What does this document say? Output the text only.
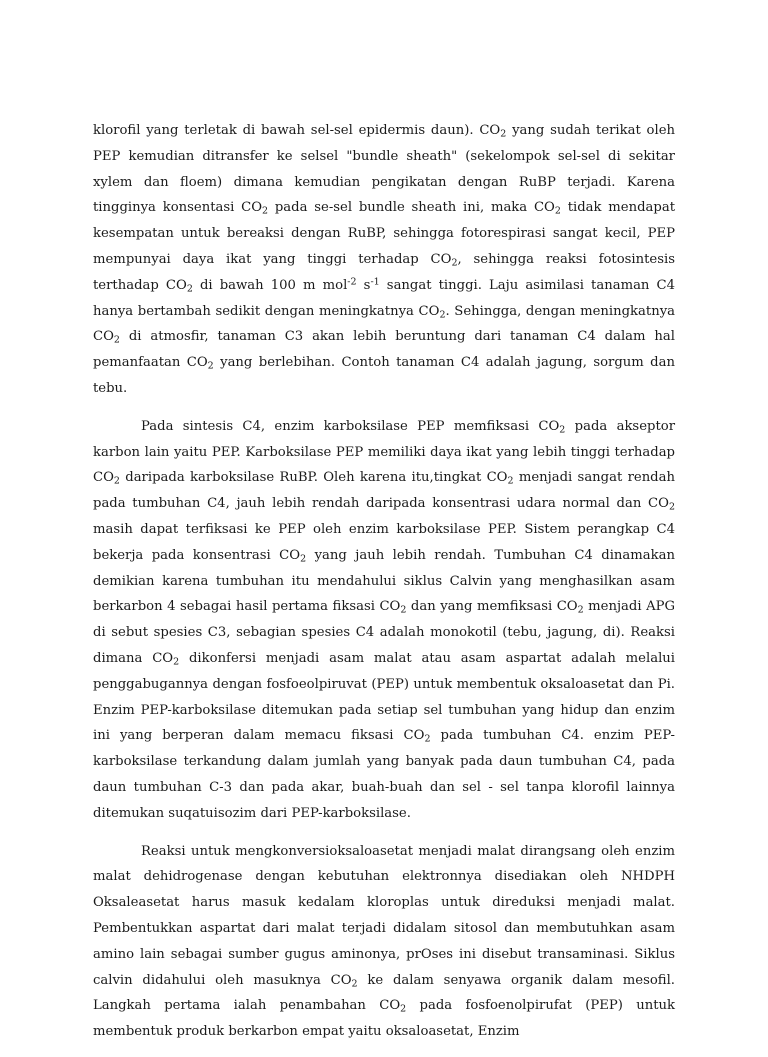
klorofil yang terletak di bawah sel-sel epidermis daun). $CO_2$ yang sudah terikat oleh PEP kemudian ditransfer ke selsel "bundle sheath" (sekelompok sel-sel di sekitar xylem dan floem) dimana kemudian pengikatan dengan RuBP terjadi. Karena tingginya konsentasi $CO_2$ pada se-sel bundle sheath ini, maka $CO_2$ tidak mendapat kesempatan untuk bereaksi dengan RuBP, sehingga fotorespirasi sangat kecil, PEP mempunyai daya ikat yang tinggi terhadap $CO_2$, sehingga reaksi fotosintesis terthadap $CO_2$ di bawah 100 m mol$^{-2}$ $s^{-1}$ sangat tinggi. Laju asimilasi tanaman C4 hanya bertambah sedikit dengan meningkatnya $CO_2$. Sehingga, dengan meningkatnya $CO_2$ di atmosfir, tanaman C3 akan lebih beruntung dari tanaman C4 dalam hal pemanfaatan $CO_2$ yang berlebihan. Contoh tanaman C4 adalah jagung, sorgum dan tebu.

Pada sintesis C4, enzim karboksilase PEP memfiksasi $CO_2$ pada akseptor karbon lain yaitu PEP. Karboksilase PEP memiliki daya ikat yang lebih tinggi terhadap $CO_2$ daripada karboksilase RuBP. Oleh karena itu,tingkat $CO_2$ menjadi sangat rendah pada tumbuhan C4, jauh lebih rendah daripada konsentrasi udara normal dan $CO_2$ masih dapat terfiksasi ke PEP oleh enzim karboksilase PEP. Sistem perangkap C4 bekerja pada konsentrasi $CO_2$ yang jauh lebih rendah. Tumbuhan C4 dinamakan demikian karena tumbuhan itu mendahului siklus Calvin yang menghasilkan asam berkarbon 4 sebagai hasil pertama fiksasi $CO_2$ dan yang memfiksasi $CO_2$ menjadi APG di sebut spesies C3, sebagian spesies C4 adalah monokotil (tebu, jagung, di). Reaksi dimana $CO_2$ dikonfersi menjadi asam malat atau asam aspartat adalah melalui penggabugannya dengan fosfoeolpiruvat (PEP) untuk membentuk oksaloasetat dan Pi. Enzim PEP-karboksilase ditemukan pada setiap sel tumbuhan yang hidup dan enzim ini yang berperan dalam memacu fiksasi $CO_2$ pada tumbuhan C4. enzim PEP-karboksilase terkandung dalam jumlah yang banyak pada daun tumbuhan C4, pada daun tumbuhan C-3 dan pada akar, buah-buah dan sel - sel tanpa klorofil lainnya ditemukan suqatuisozim dari PEP-karboksilase.

Reaksi untuk mengkonversioksaloasetat menjadi malat dirangsang oleh enzim malat dehidrogenase dengan kebutuhan elektronnya disediakan oleh NHDPH Oksaleasetat harus masuk kedalam kloroplas untuk direduksi menjadi malat. Pembentukkan aspartat dari malat terjadi didalam sitosol dan membutuhkan asam amino lain sebagai sumber gugus aminonya, prOses ini disebut transaminasi. Siklus calvin didahului oleh masuknya $CO_2$ ke dalam senyawa organik dalam mesofil. Langkah pertama ialah penambahan $CO_2$ pada fosfoenolpirufat (PEP) untuk membentuk produk berkarbon empat yaitu oksaloasetat, Enzim
